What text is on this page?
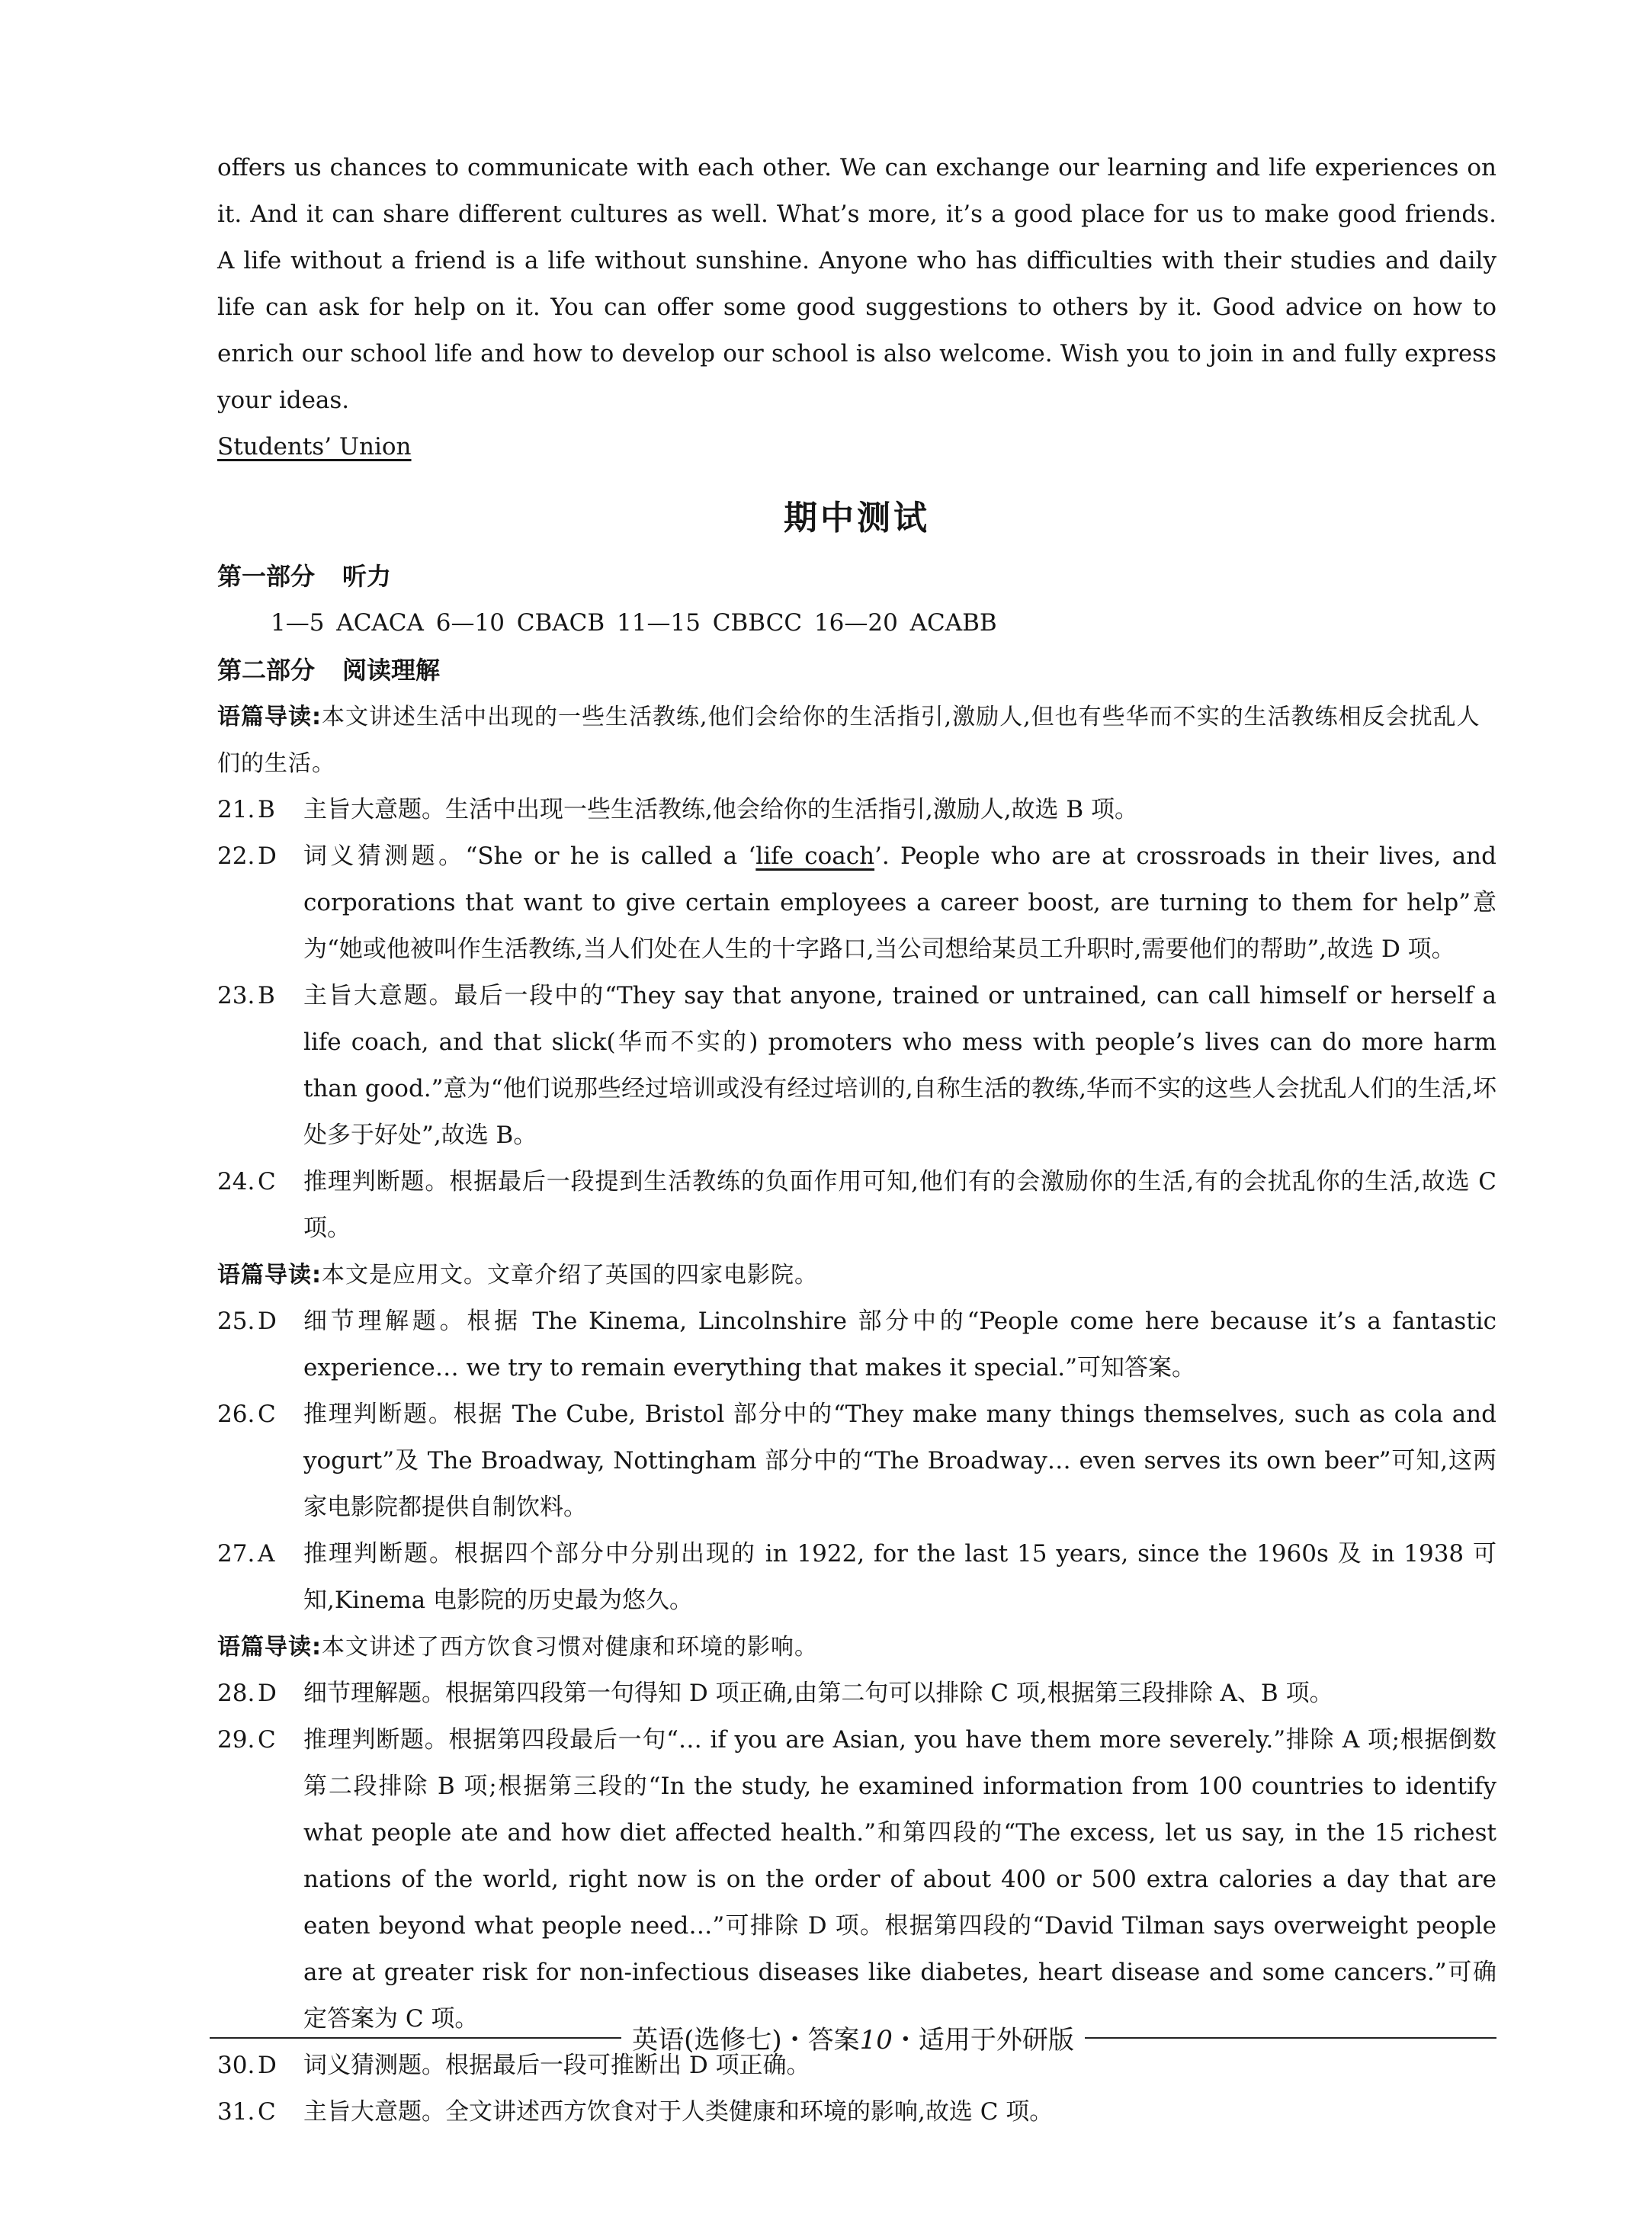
offers us chances to communicate with each other. We can exchange our learning and life experiences on it. And it can share different cultures as well. What’s more, it’s a good place for us to make good friends. A life without a friend is a life without sunshine. Anyone who has difficulties with their studies and daily life can ask for help on it. You can offer some good suggestions to others by it. Good advice on how to enrich our school life and how to develop our school is also welcome. Wish you to join in and fully express your ideas.

Students’ Union
期中测试
第一部分 听力
1—5 ACACA 6—10 CBACB 11—15 CBBCC 16—20 ACABB
第二部分 阅读理解

语篇导读:本文讲述生活中出现的一些生活教练,他们会给你的生活指引,激励人,但也有些华而不实的生活教练相反会扰乱人们的生活。

21. B	主旨大意题。生活中出现一些生活教练,他会给你的生活指引,激励人,故选 B 项。
22. D	词义猜测题。“She or he is called a ‘life coach’. People who are at crossroads in their lives, and corporations that want to give certain employees a career boost, are turning to them for help”意为“她或他被叫作生活教练,当人们处在人生的十字路口,当公司想给某员工升职时,需要他们的帮助”,故选 D 项。
23. B	主旨大意题。最后一段中的“They say that anyone, trained or untrained, can call himself or herself a life coach, and that slick(华而不实的) promoters who mess with people’s lives can do more harm than good.”意为“他们说那些经过培训或没有经过培训的,自称生活的教练,华而不实的这些人会扰乱人们的生活,坏处多于好处”,故选 B。
24. C	推理判断题。根据最后一段提到生活教练的负面作用可知,他们有的会激励你的生活,有的会扰乱你的生活,故选 C 项。

语篇导读:本文是应用文。文章介绍了英国的四家电影院。

25. D	细节理解题。根据 The Kinema, Lincolnshire 部分中的“People come here because it’s a fantastic experience… we try to remain everything that makes it special.”可知答案。
26. C	推理判断题。根据 The Cube, Bristol 部分中的“They make many things themselves, such as cola and yogurt”及 The Broadway, Nottingham 部分中的“The Broadway… even serves its own beer”可知,这两家电影院都提供自制饮料。
27. A	推理判断题。根据四个部分中分别出现的 in 1922, for the last 15 years, since the 1960s 及 in 1938 可知,Kinema 电影院的历史最为悠久。

语篇导读:本文讲述了西方饮食习惯对健康和环境的影响。

28. D	细节理解题。根据第四段第一句得知 D 项正确,由第二句可以排除 C 项,根据第三段排除 A、B 项。
29. C	推理判断题。根据第四段最后一句“… if you are Asian, you have them more severely.”排除 A 项;根据倒数第二段排除 B 项;根据第三段的“In the study, he examined information from 100 countries to identify what people ate and how diet affected health.”和第四段的“The excess, let us say, in the 15 richest nations of the world, right now is on the order of about 400 or 500 extra calories a day that are eaten beyond what people need…”可排除 D 项。根据第四段的“David Tilman says overweight people are at greater risk for non-infectious diseases like diabetes, heart disease and some cancers.”可确定答案为 C 项。
30. D	词义猜测题。根据最后一段可推断出 D 项正确。
31. C	主旨大意题。全文讲述西方饮食对于人类健康和环境的影响,故选 C 项。
英语(选修七)・答案10・适用于外研版
